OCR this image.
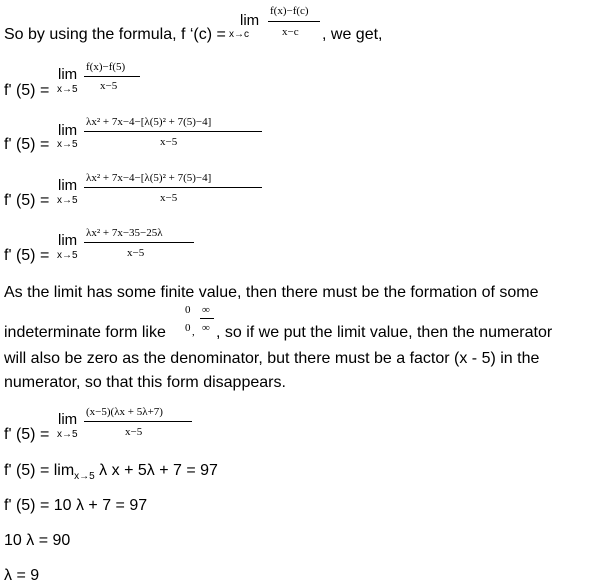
So by using the formula, f ‘(c) =
lim
x→c
f(x)−f(c)
x−c , we get,
f' (5) =
lim
x→5
f(x)−f(5)
x−5
f' (5) =
lim
x→5
λx² + 7x−4−[λ(5)² + 7(5)−4]
x−5
f' (5) =
lim
x→5
λx² + 7x−4−[λ(5)² + 7(5)−4]
x−5
f' (5) =
lim
x→5
λx² + 7x−35−25λ
x−5
As the limit has some finite value, then there must be the formation of some
indeterminate form like
0
0 ,
∞
∞ , so if we put the limit value, then the numerator
will also be zero as the denominator, but there must be a factor (x - 5) in the
numerator, so that this form disappears.
f' (5) =
lim
x→5
(x−5)(λx + 5λ+7)
x−5
f' $(5) = \lim_{x\to 5} \lambda$ x + 5λ + 7 = 97
f' (5) = 10 λ + 7 = 97
10 λ = 90
λ = 9
